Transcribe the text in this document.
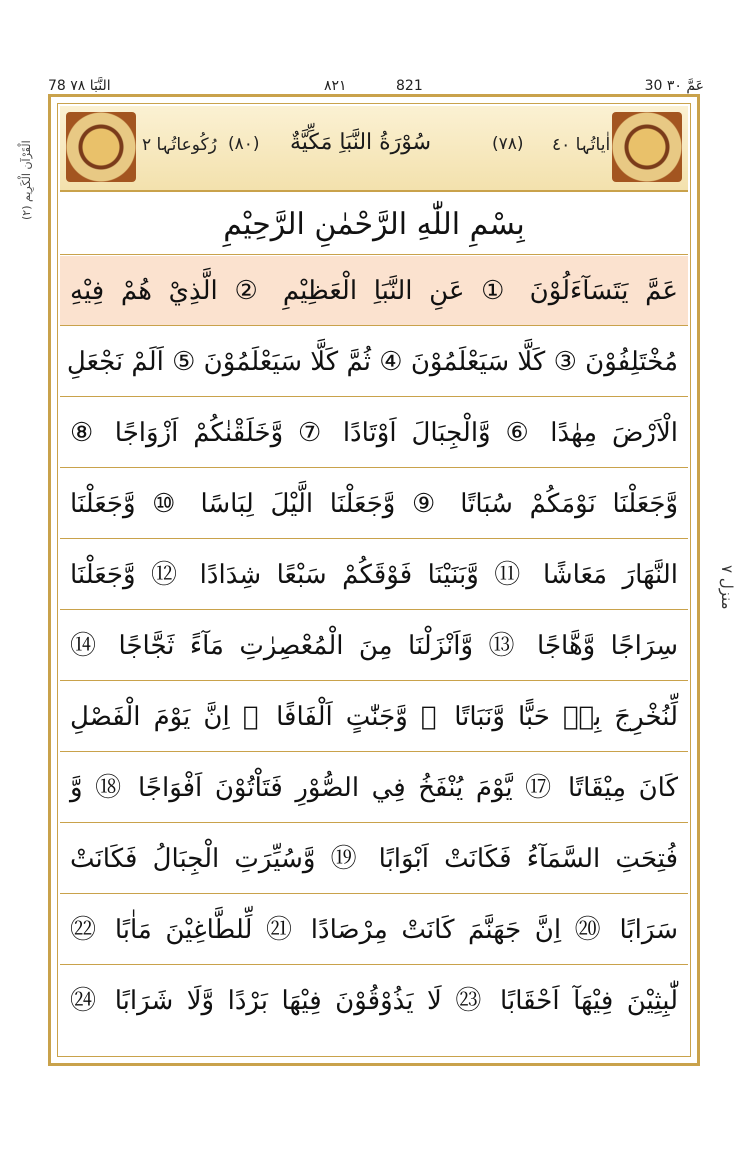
78 النَّبَا ٧٨	٨٢١	821	30 عَمَّ ٣٠
(٢) الْقَرْآن الْكَرِيم	رُکُوعاتُہا ٢ (٨٠) سُوْرَةُ النَّبَاِ مَكِّيَّةٌ	(٧٨) اٰیاتُہا ٤٠
بِسْمِ اللّٰهِ الرَّحْمٰنِ الرَّحِيْمِ
عَمَّ يَتَسَآءَلُوْنَ ① عَنِ النَّبَاِ الْعَظِيْمِ ② الَّذِيْ هُمْ فِيْهِ
مُخْتَلِفُوْنَ ③ كَلَّا سَيَعْلَمُوْنَ ④ ثُمَّ كَلَّا سَيَعْلَمُوْنَ ⑤ اَلَمْ نَجْعَلِ
الْاَرْضَ مِهٰدًا ⑥ وَّالْجِبَالَ اَوْتَادًا ⑦ وَّخَلَقْنٰكُمْ اَزْوَاجًا ⑧
وَّجَعَلْنَا نَوْمَكُمْ سُبَاتًا ⑨ وَّجَعَلْنَا الَّيْلَ لِبَاسًا ⑩ وَّجَعَلْنَا
النَّهَارَ مَعَاشًا ⑪ وَّبَنَيْنَا فَوْقَكُمْ سَبْعًا شِدَادًا ⑫ وَّجَعَلْنَا
سِرَاجًا وَّهَّاجًا ⑬ وَّاَنْزَلْنَا مِنَ الْمُعْصِرٰتِ مَآءً ثَجَّاجًا ⑭
لِّنُخْرِجَ بِهٖ حَبًّا وَّنَبَاتًا ⑮ وَّجَنّٰتٍ اَلْفَافًا ⑯ اِنَّ يَوْمَ الْفَصْلِ
كَانَ مِيْقَاتًا ⑰ يَّوْمَ يُنْفَخُ فِي الصُّوْرِ فَتَاْتُوْنَ اَفْوَاجًا ⑱ وَّ
فُتِحَتِ السَّمَآءُ فَكَانَتْ اَبْوَابًا ⑲ وَّسُيِّرَتِ الْجِبَالُ فَكَانَتْ
سَرَابًا ⑳ اِنَّ جَهَنَّمَ كَانَتْ مِرْصَادًا ㉑ لِّلطَّاغِيْنَ مَاٰبًا ㉒
لّٰبِثِيْنَ فِيْهَآ اَحْقَابًا ㉓ لَا يَذُوْقُوْنَ فِيْهَا بَرْدًا وَّلَا شَرَابًا ㉔
منزل ٧
